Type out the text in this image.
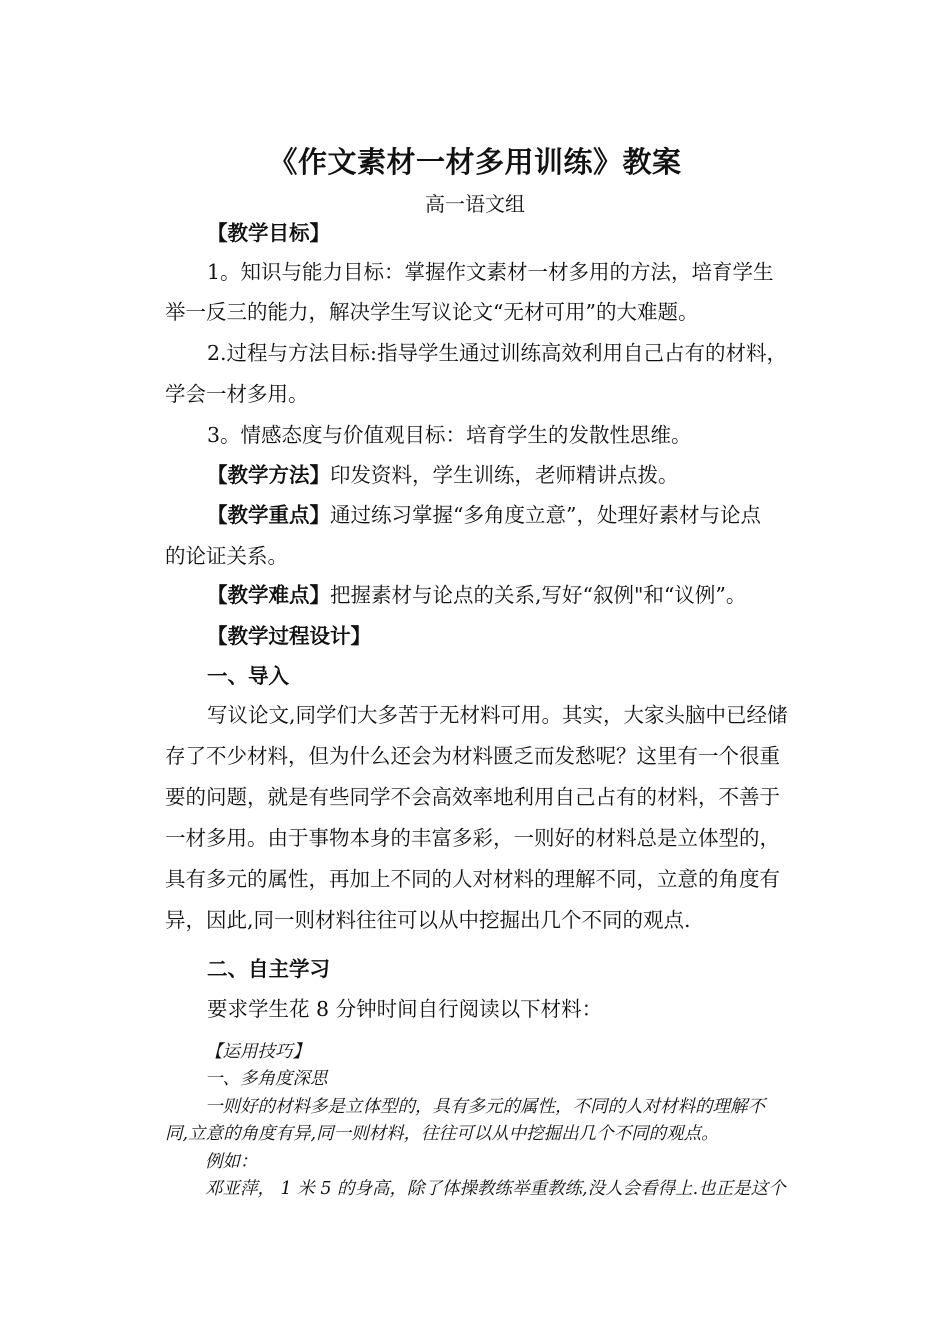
《作文素材一材多用训练》教案
高一语文组
【教学目标】
1。知识与能力目标：掌握作文素材一材多用的方法，培育学生
举一反三的能力，解决学生写议论文“无材可用”的大难题。
2.过程与方法目标:指导学生通过训练高效利用自己占有的材料，
学会一材多用。
3。情感态度与价值观目标：培育学生的发散性思维。
【教学方法】印发资料，学生训练，老师精讲点拨。
【教学重点】通过练习掌握“多角度立意”，处理好素材与论点
的论证关系。
【教学难点】把握素材与论点的关系,写好“叙例"和“议例”。
【教学过程设计】
一、导入
写议论文,同学们大多苦于无材料可用。其实，大家头脑中已经储
存了不少材料，但为什么还会为材料匮乏而发愁呢？这里有一个很重
要的问题，就是有些同学不会高效率地利用自己占有的材料，不善于
一材多用。由于事物本身的丰富多彩，一则好的材料总是立体型的，
具有多元的属性，再加上不同的人对材料的理解不同，立意的角度有
异，因此,同一则材料往往可以从中挖掘出几个不同的观点.
二、自主学习
要求学生花 8 分钟时间自行阅读以下材料：
【运用技巧】
一、多角度深思
一则好的材料多是立体型的，具有多元的属性，不同的人对材料的理解不
同,立意的角度有异,同一则材料，往往可以从中挖掘出几个不同的观点。
例如：
邓亚萍， 1 米 5 的身高，除了体操教练举重教练,没人会看得上.也正是这个
